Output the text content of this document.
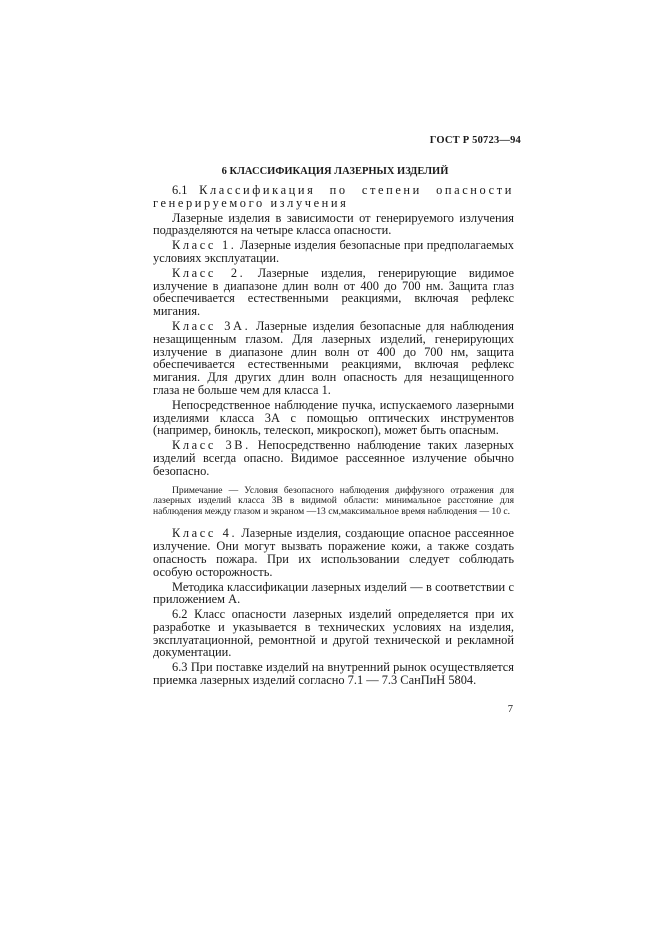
ГОСТ Р 50723—94
6 КЛАССИФИКАЦИЯ ЛАЗЕРНЫХ ИЗДЕЛИЙ

6.1 Классификация по степени опасности генерируемого излучения

Лазерные изделия в зависимости от генерируемого излучения подразделяются на четыре класса опасности.

Класс 1. Лазерные изделия безопасные при предполагаемых условиях эксплуатации.

Класс 2. Лазерные изделия, генерирующие видимое излучение в диапазоне длин волн от 400 до 700 нм. Защита глаз обеспечивается естественными реакциями, включая рефлекс мигания.

Класс 3А. Лазерные изделия безопасные для наблюдения незащищенным глазом. Для лазерных изделий, генерирующих излучение в диапазоне длин волн от 400 до 700 нм, защита обеспечивается естественными реакциями, включая рефлекс мигания. Для других длин волн опасность для незащищенного глаза не больше чем для класса 1.

Непосредственное наблюдение пучка, испускаемого лазерными изделиями класса 3А с помощью оптических инструментов (например, бинокль, телескоп, микроскоп), может быть опасным.

Класс 3В. Непосредственно наблюдение таких лазерных изделий всегда опасно. Видимое рассеянное излучение обычно безопасно.

Примечание — Условия безопасного наблюдения диффузного отражения для лазерных изделий класса 3В в видимой области: минимальное расстояние для наблюдения между глазом и экраном —13 см,максимальное время наблюдения — 10 с.

Класс 4. Лазерные изделия, создающие опасное рассеянное излучение. Они могут вызвать поражение кожи, а также создать опасность пожара. При их использовании следует соблюдать особую осторожность.

Методика классификации лазерных изделий — в соответствии с приложением А.

6.2 Класс опасности лазерных изделий определяется при их разработке и указывается в технических условиях на изделия, эксплуатационной, ремонтной и другой технической и рекламной документации.

6.3 При поставке изделий на внутренний рынок осуществляется приемка лазерных изделий согласно 7.1 — 7.3 СанПиН 5804.

7
